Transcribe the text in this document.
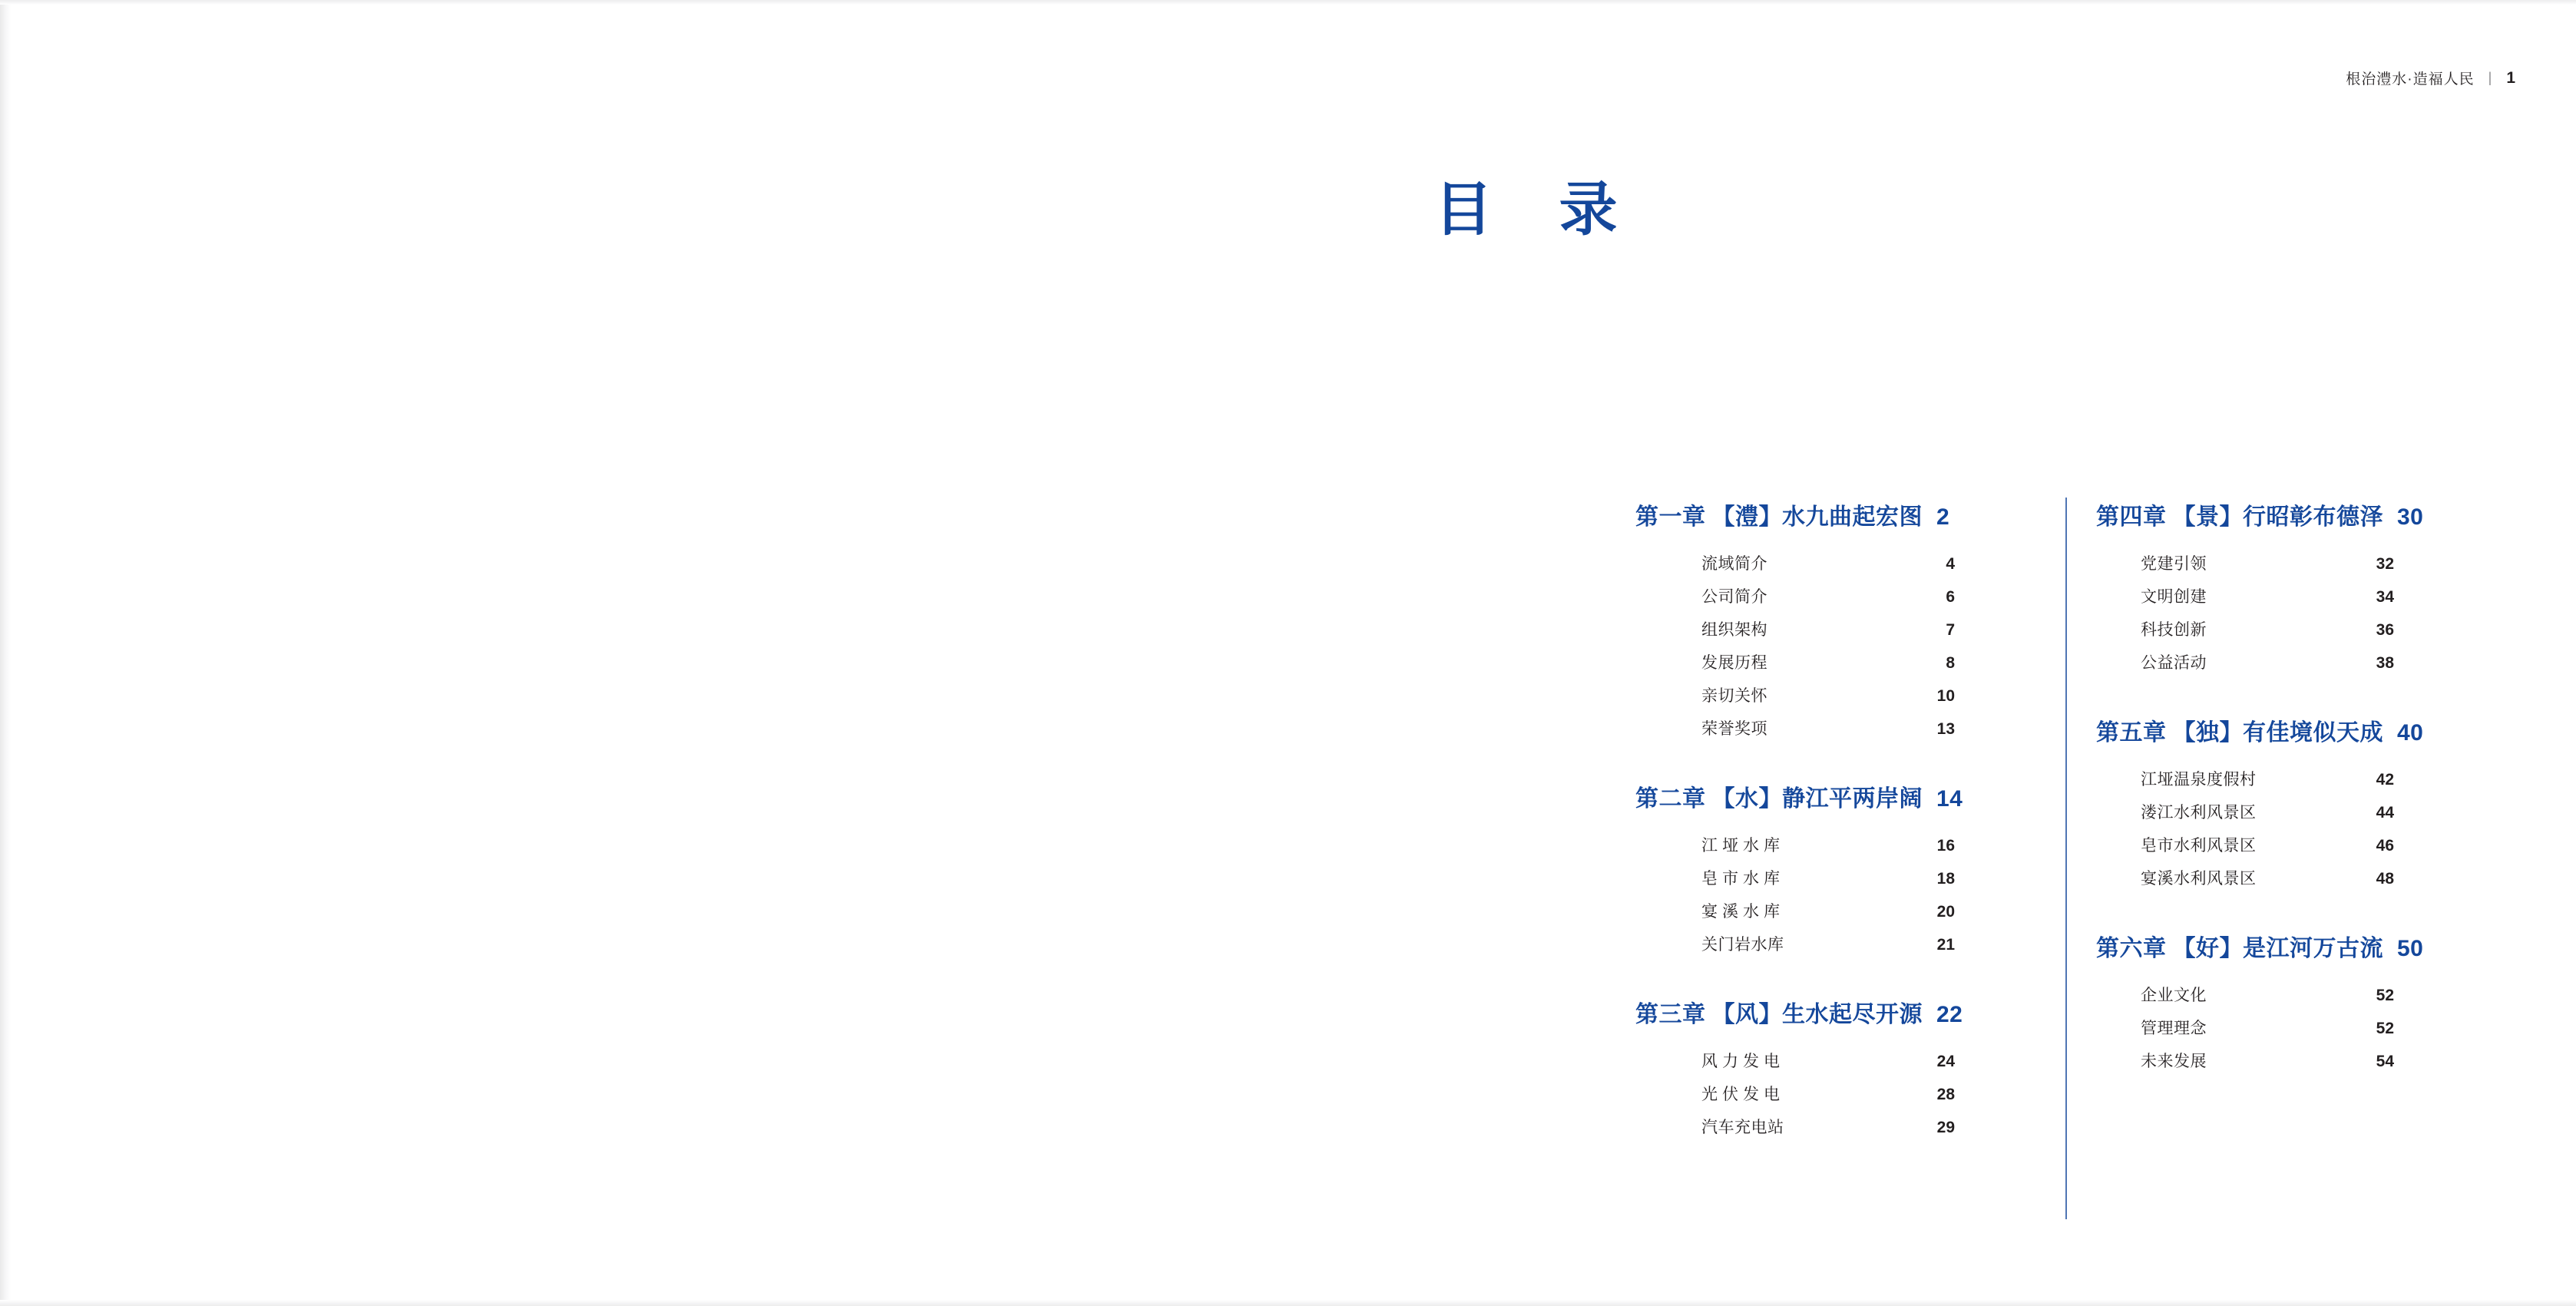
根治澧水·造福人民 | 1
目 录
第一章 【澧】水九曲起宏图 2
流域简介	4
公司简介	6
组织架构	7
发展历程	8
亲切关怀	10
荣誉奖项	13
第二章 【水】静江平两岸阔 14
江垭水库	16
皂市水库	18
宴溪水库	20
关门岩水库	21
第三章 【风】生水起尽开源 22
风力发电	24
光伏发电	28
汽车充电站	29
第四章 【景】行昭彰布德泽 30
党建引领	32
文明创建	34
科技创新	36
公益活动	38
第五章 【独】有佳境似天成 40
江垭温泉度假村	42
溇江水利风景区	44
皂市水利风景区	46
宴溪水利风景区	48
第六章 【好】是江河万古流 50
企业文化	52
管理理念	52
未来发展	54
